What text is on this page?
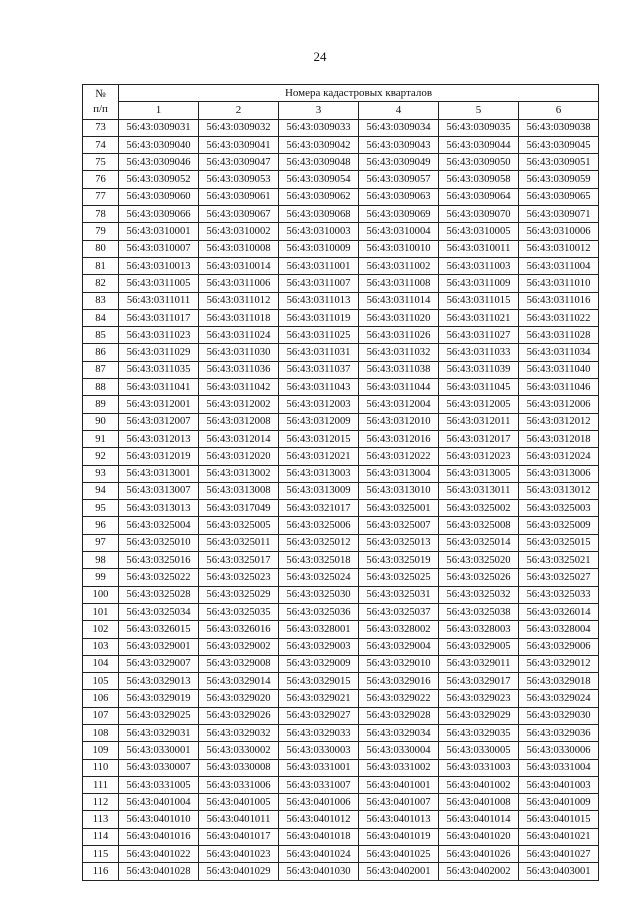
24
№
п/п	Номера кадастровых кварталов					
	1	2	3	4	5	6
73	56:43:0309031	56:43:0309032	56:43:0309033	56:43:0309034	56:43:0309035	56:43:0309038
74	56:43:0309040	56:43:0309041	56:43:0309042	56:43:0309043	56:43:0309044	56:43:0309045
75	56:43:0309046	56:43:0309047	56:43:0309048	56:43:0309049	56:43:0309050	56:43:0309051
76	56:43:0309052	56:43:0309053	56:43:0309054	56:43:0309057	56:43:0309058	56:43:0309059
77	56:43:0309060	56:43:0309061	56:43:0309062	56:43:0309063	56:43:0309064	56:43:0309065
78	56:43:0309066	56:43:0309067	56:43:0309068	56:43:0309069	56:43:0309070	56:43:0309071
79	56:43:0310001	56:43:0310002	56:43:0310003	56:43:0310004	56:43:0310005	56:43:0310006
80	56:43:0310007	56:43:0310008	56:43:0310009	56:43:0310010	56:43:0310011	56:43:0310012
81	56:43:0310013	56:43:0310014	56:43:0311001	56:43:0311002	56:43:0311003	56:43:0311004
82	56:43:0311005	56:43:0311006	56:43:0311007	56:43:0311008	56:43:0311009	56:43:0311010
83	56:43:0311011	56:43:0311012	56:43:0311013	56:43:0311014	56:43:0311015	56:43:0311016
84	56:43:0311017	56:43:0311018	56:43:0311019	56:43:0311020	56:43:0311021	56:43:0311022
85	56:43:0311023	56:43:0311024	56:43:0311025	56:43:0311026	56:43:0311027	56:43:0311028
86	56:43:0311029	56:43:0311030	56:43:0311031	56:43:0311032	56:43:0311033	56:43:0311034
87	56:43:0311035	56:43:0311036	56:43:0311037	56:43:0311038	56:43:0311039	56:43:0311040
88	56:43:0311041	56:43:0311042	56:43:0311043	56:43:0311044	56:43:0311045	56:43:0311046
89	56:43:0312001	56:43:0312002	56:43:0312003	56:43:0312004	56:43:0312005	56:43:0312006
90	56:43:0312007	56:43:0312008	56:43:0312009	56:43:0312010	56:43:0312011	56:43:0312012
91	56:43:0312013	56:43:0312014	56:43:0312015	56:43:0312016	56:43:0312017	56:43:0312018
92	56:43:0312019	56:43:0312020	56:43:0312021	56:43:0312022	56:43:0312023	56:43:0312024
93	56:43:0313001	56:43:0313002	56:43:0313003	56:43:0313004	56:43:0313005	56:43:0313006
94	56:43:0313007	56:43:0313008	56:43:0313009	56:43:0313010	56:43:0313011	56:43:0313012
95	56:43:0313013	56:43:0317049	56:43:0321017	56:43:0325001	56:43:0325002	56:43:0325003
96	56:43:0325004	56:43:0325005	56:43:0325006	56:43:0325007	56:43:0325008	56:43:0325009
97	56:43:0325010	56:43:0325011	56:43:0325012	56:43:0325013	56:43:0325014	56:43:0325015
98	56:43:0325016	56:43:0325017	56:43:0325018	56:43:0325019	56:43:0325020	56:43:0325021
99	56:43:0325022	56:43:0325023	56:43:0325024	56:43:0325025	56:43:0325026	56:43:0325027
100	56:43:0325028	56:43:0325029	56:43:0325030	56:43:0325031	56:43:0325032	56:43:0325033
101	56:43:0325034	56:43:0325035	56:43:0325036	56:43:0325037	56:43:0325038	56:43:0326014
102	56:43:0326015	56:43:0326016	56:43:0328001	56:43:0328002	56:43:0328003	56:43:0328004
103	56:43:0329001	56:43:0329002	56:43:0329003	56:43:0329004	56:43:0329005	56:43:0329006
104	56:43:0329007	56:43:0329008	56:43:0329009	56:43:0329010	56:43:0329011	56:43:0329012
105	56:43:0329013	56:43:0329014	56:43:0329015	56:43:0329016	56:43:0329017	56:43:0329018
106	56:43:0329019	56:43:0329020	56:43:0329021	56:43:0329022	56:43:0329023	56:43:0329024
107	56:43:0329025	56:43:0329026	56:43:0329027	56:43:0329028	56:43:0329029	56:43:0329030
108	56:43:0329031	56:43:0329032	56:43:0329033	56:43:0329034	56:43:0329035	56:43:0329036
109	56:43:0330001	56:43:0330002	56:43:0330003	56:43:0330004	56:43:0330005	56:43:0330006
110	56:43:0330007	56:43:0330008	56:43:0331001	56:43:0331002	56:43:0331003	56:43:0331004
111	56:43:0331005	56:43:0331006	56:43:0331007	56:43:0401001	56:43:0401002	56:43:0401003
112	56:43:0401004	56:43:0401005	56:43:0401006	56:43:0401007	56:43:0401008	56:43:0401009
113	56:43:0401010	56:43:0401011	56:43:0401012	56:43:0401013	56:43:0401014	56:43:0401015
114	56:43:0401016	56:43:0401017	56:43:0401018	56:43:0401019	56:43:0401020	56:43:0401021
115	56:43:0401022	56:43:0401023	56:43:0401024	56:43:0401025	56:43:0401026	56:43:0401027
116	56:43:0401028	56:43:0401029	56:43:0401030	56:43:0402001	56:43:0402002	56:43:0403001
